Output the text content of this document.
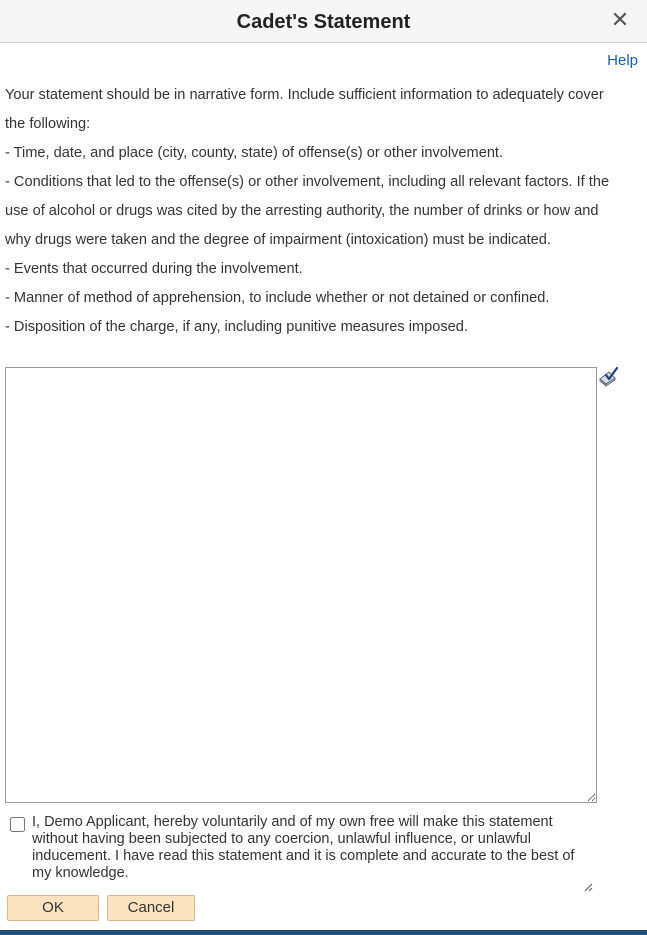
Cadet's Statement	✕
Help

Your statement should be in narrative form. Include sufficient information to adequately cover the following:

- Time, date, and place (city, county, state) of offense(s) or other involvement.

- Conditions that led to the offense(s) or other involvement, including all relevant factors. If the use of alcohol or drugs was cited by the arresting authority, the number of drinks or how and why drugs were taken and the degree of impairment (intoxication) must be indicated.

- Events that occurred during the involvement.

- Manner of method of apprehension, to include whether or not detained or confined.

- Disposition of the charge, if any, including punitive measures imposed.

I, Demo Applicant, hereby voluntarily and of my own free will make this statement without having been subjected to any coercion, unlawful influence, or unlawful inducement. I have read this statement and it is complete and accurate to the best of my knowledge.
OK	Cancel
